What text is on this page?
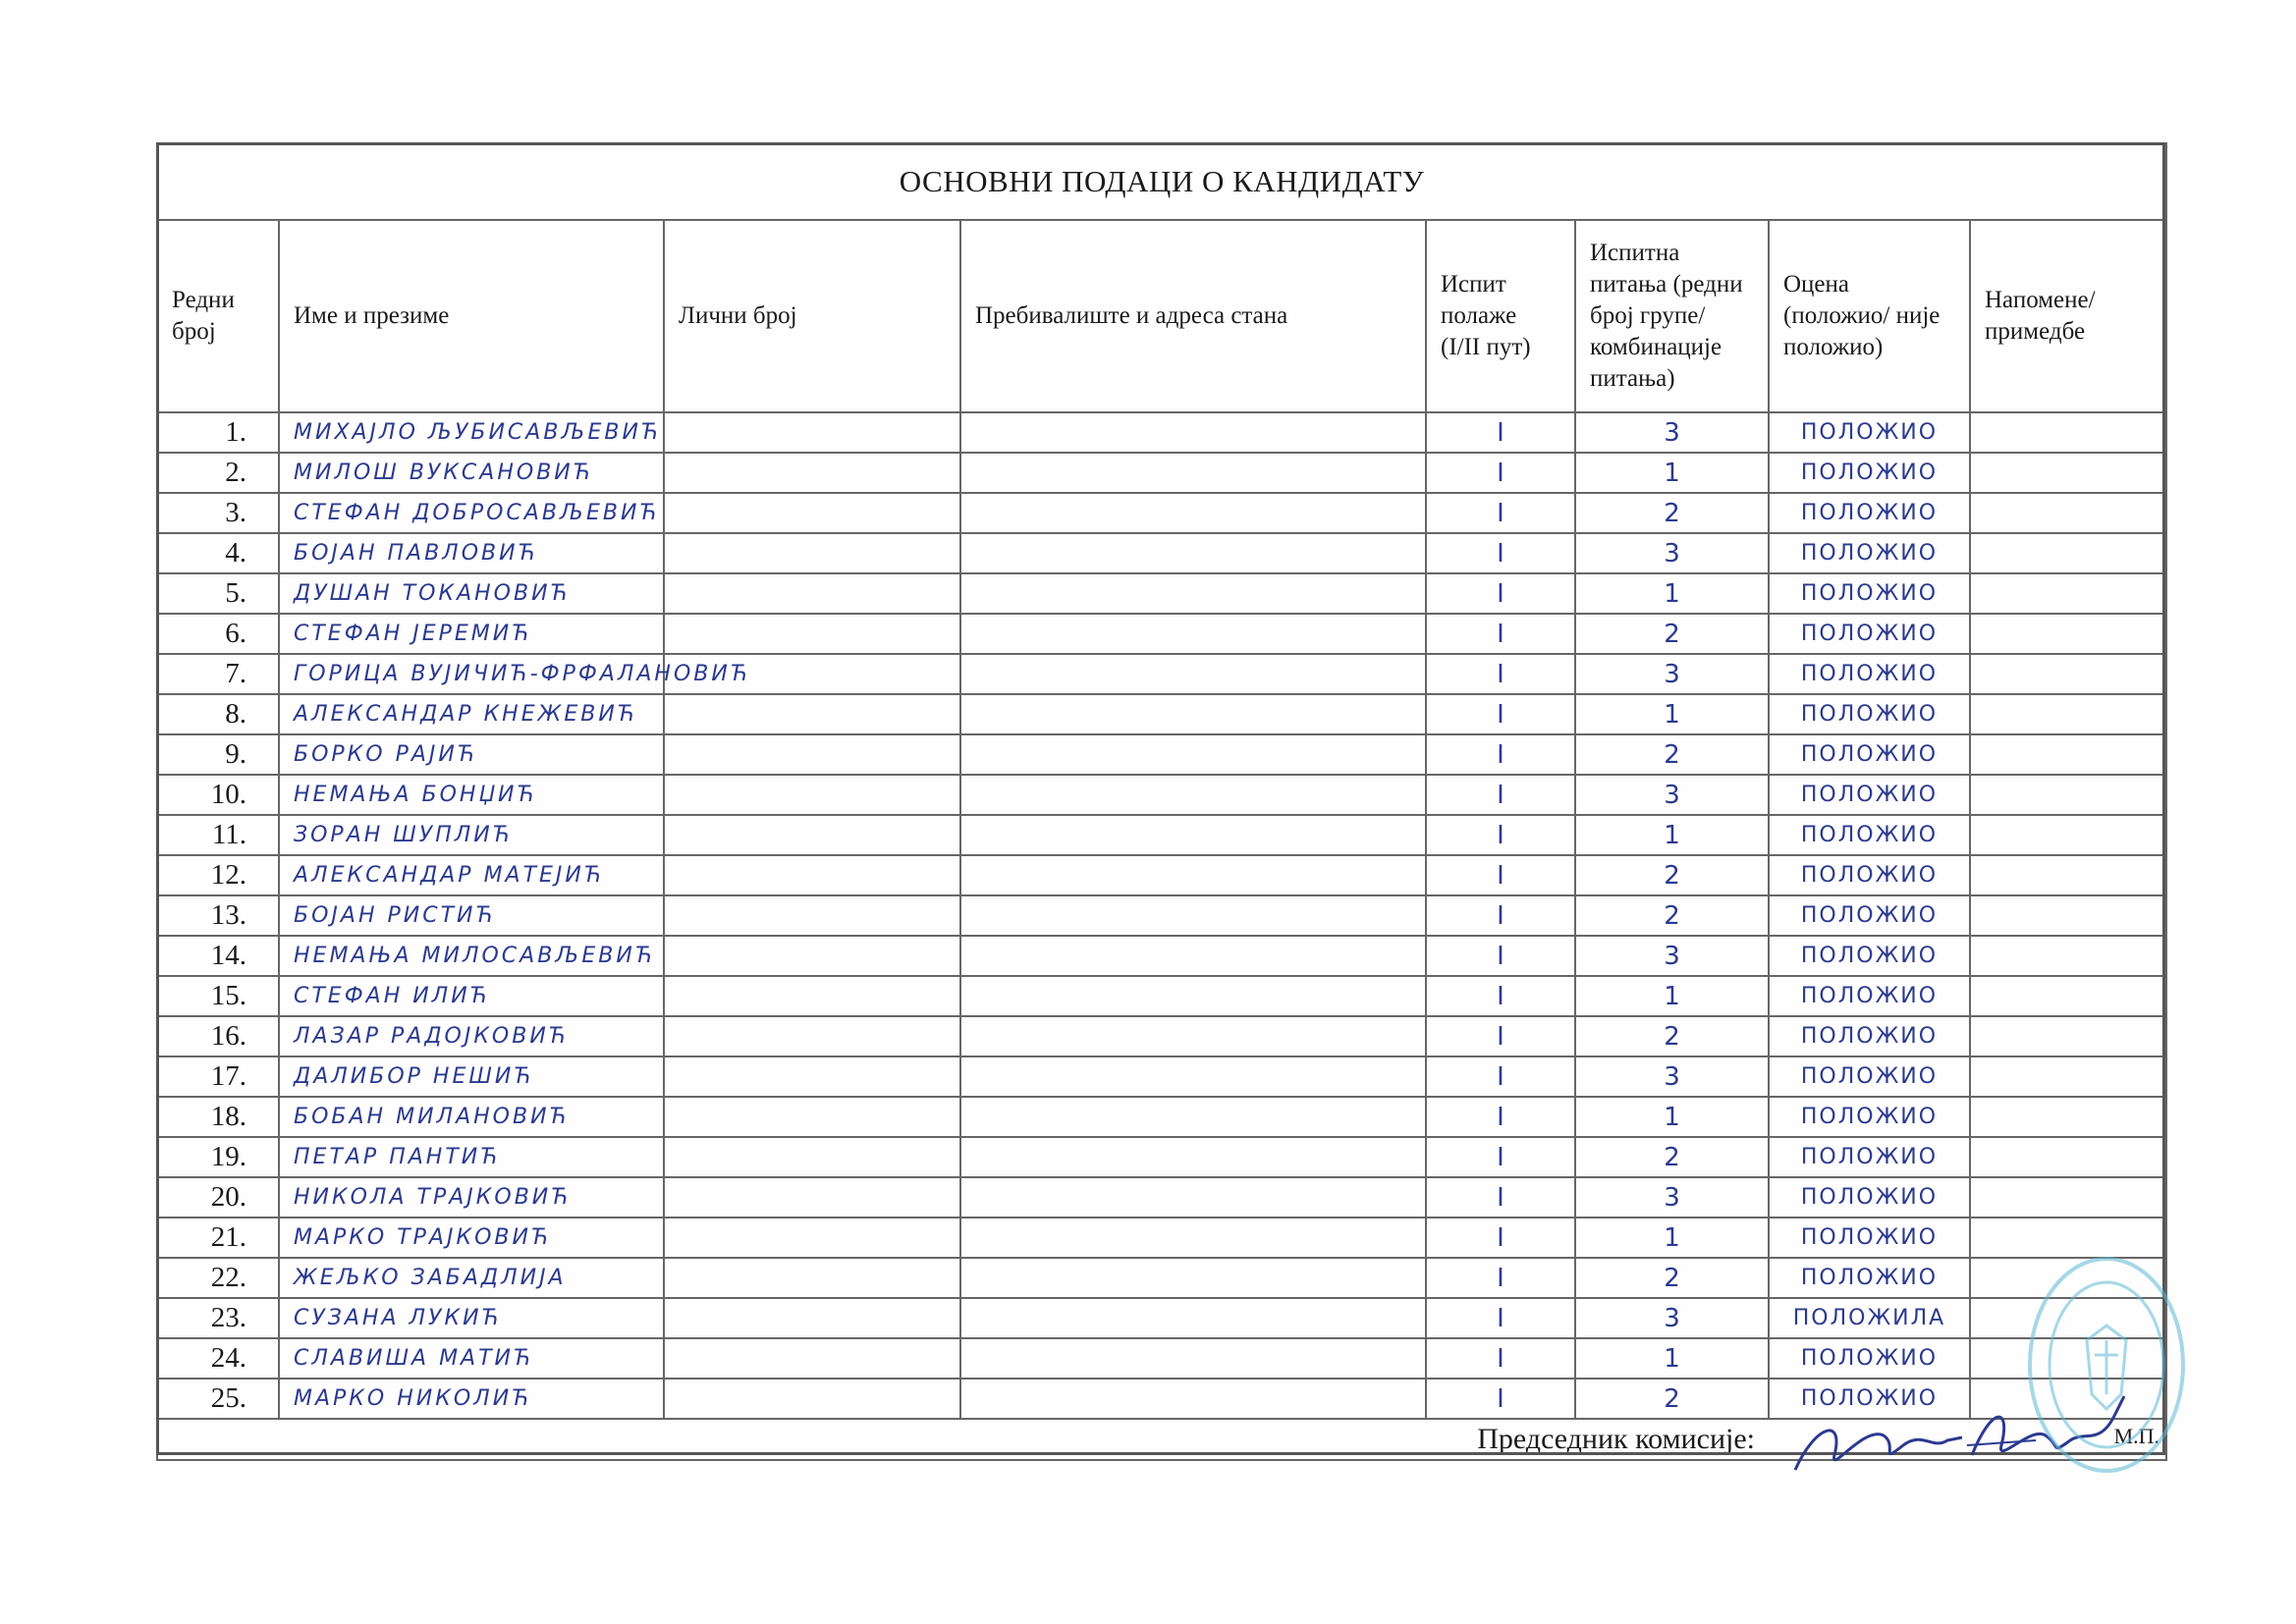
ОСНОВНИ ПОДАЦИ О КАНДИДАТУ							
Редни број	Име и презиме	Лични број	Пребивалиште и адреса стана	Испит полаже (I/II пут)	Испитна питања (редни број групе/ комбинације питања)	Оцена (положио/ није положио)	Напомене/ примедбе
1.	МИХАЈЛО ЉУБИСАВЉЕВИЋ			I	3	ПОЛОЖИО	
2.	МИЛОШ ВУКСАНОВИЋ			I	1	ПОЛОЖИО	
3.	СТЕФАН ДОБРОСАВЉЕВИЋ			I	2	ПОЛОЖИО	
4.	БОЈАН ПАВЛОВИЋ			I	3	ПОЛОЖИО	
5.	ДУШАН ТОКАНОВИЋ			I	1	ПОЛОЖИО	
6.	СТЕФАН ЈЕРЕМИЋ			I	2	ПОЛОЖИО	
7.	ГОРИЦА ВУЈИЧИЋ-ФРФАЛАНОВИЋ			I	3	ПОЛОЖИО	
8.	АЛЕКСАНДАР КНЕЖЕВИЋ			I	1	ПОЛОЖИО	
9.	БОРКО РАЈИЋ			I	2	ПОЛОЖИО	
10.	НЕМАЊА БОНЏИЋ			I	3	ПОЛОЖИО	
11.	ЗОРАН ШУПЛИЋ			I	1	ПОЛОЖИО	
12.	АЛЕКСАНДАР МАТЕЈИЋ			I	2	ПОЛОЖИО	
13.	БОЈАН РИСТИЋ			I	2	ПОЛОЖИО	
14.	НЕМАЊА МИЛОСАВЉЕВИЋ			I	3	ПОЛОЖИО	
15.	СТЕФАН ИЛИЋ			I	1	ПОЛОЖИО	
16.	ЛАЗАР РАДОЈКОВИЋ			I	2	ПОЛОЖИО	
17.	ДАЛИБОР НЕШИЋ			I	3	ПОЛОЖИО	
18.	БОБАН МИЛАНОВИЋ			I	1	ПОЛОЖИО	
19.	ПЕТАР ПАНТИЋ			I	2	ПОЛОЖИО	
20.	НИКОЛА ТРАЈКОВИЋ			I	3	ПОЛОЖИО	
21.	МАРКО ТРАЈКОВИЋ			I	1	ПОЛОЖИО	
22.	ЖЕЉКО ЗАБАДЛИЈА			I	2	ПОЛОЖИО	
23.	СУЗАНА ЛУКИЋ			I	3	ПОЛОЖИЛА	
24.	СЛАВИША МАТИЋ			I	1	ПОЛОЖИО	
25.	МАРКО НИКОЛИЋ			I	2	ПОЛОЖИО	
Председник комисије:						М.П.	
